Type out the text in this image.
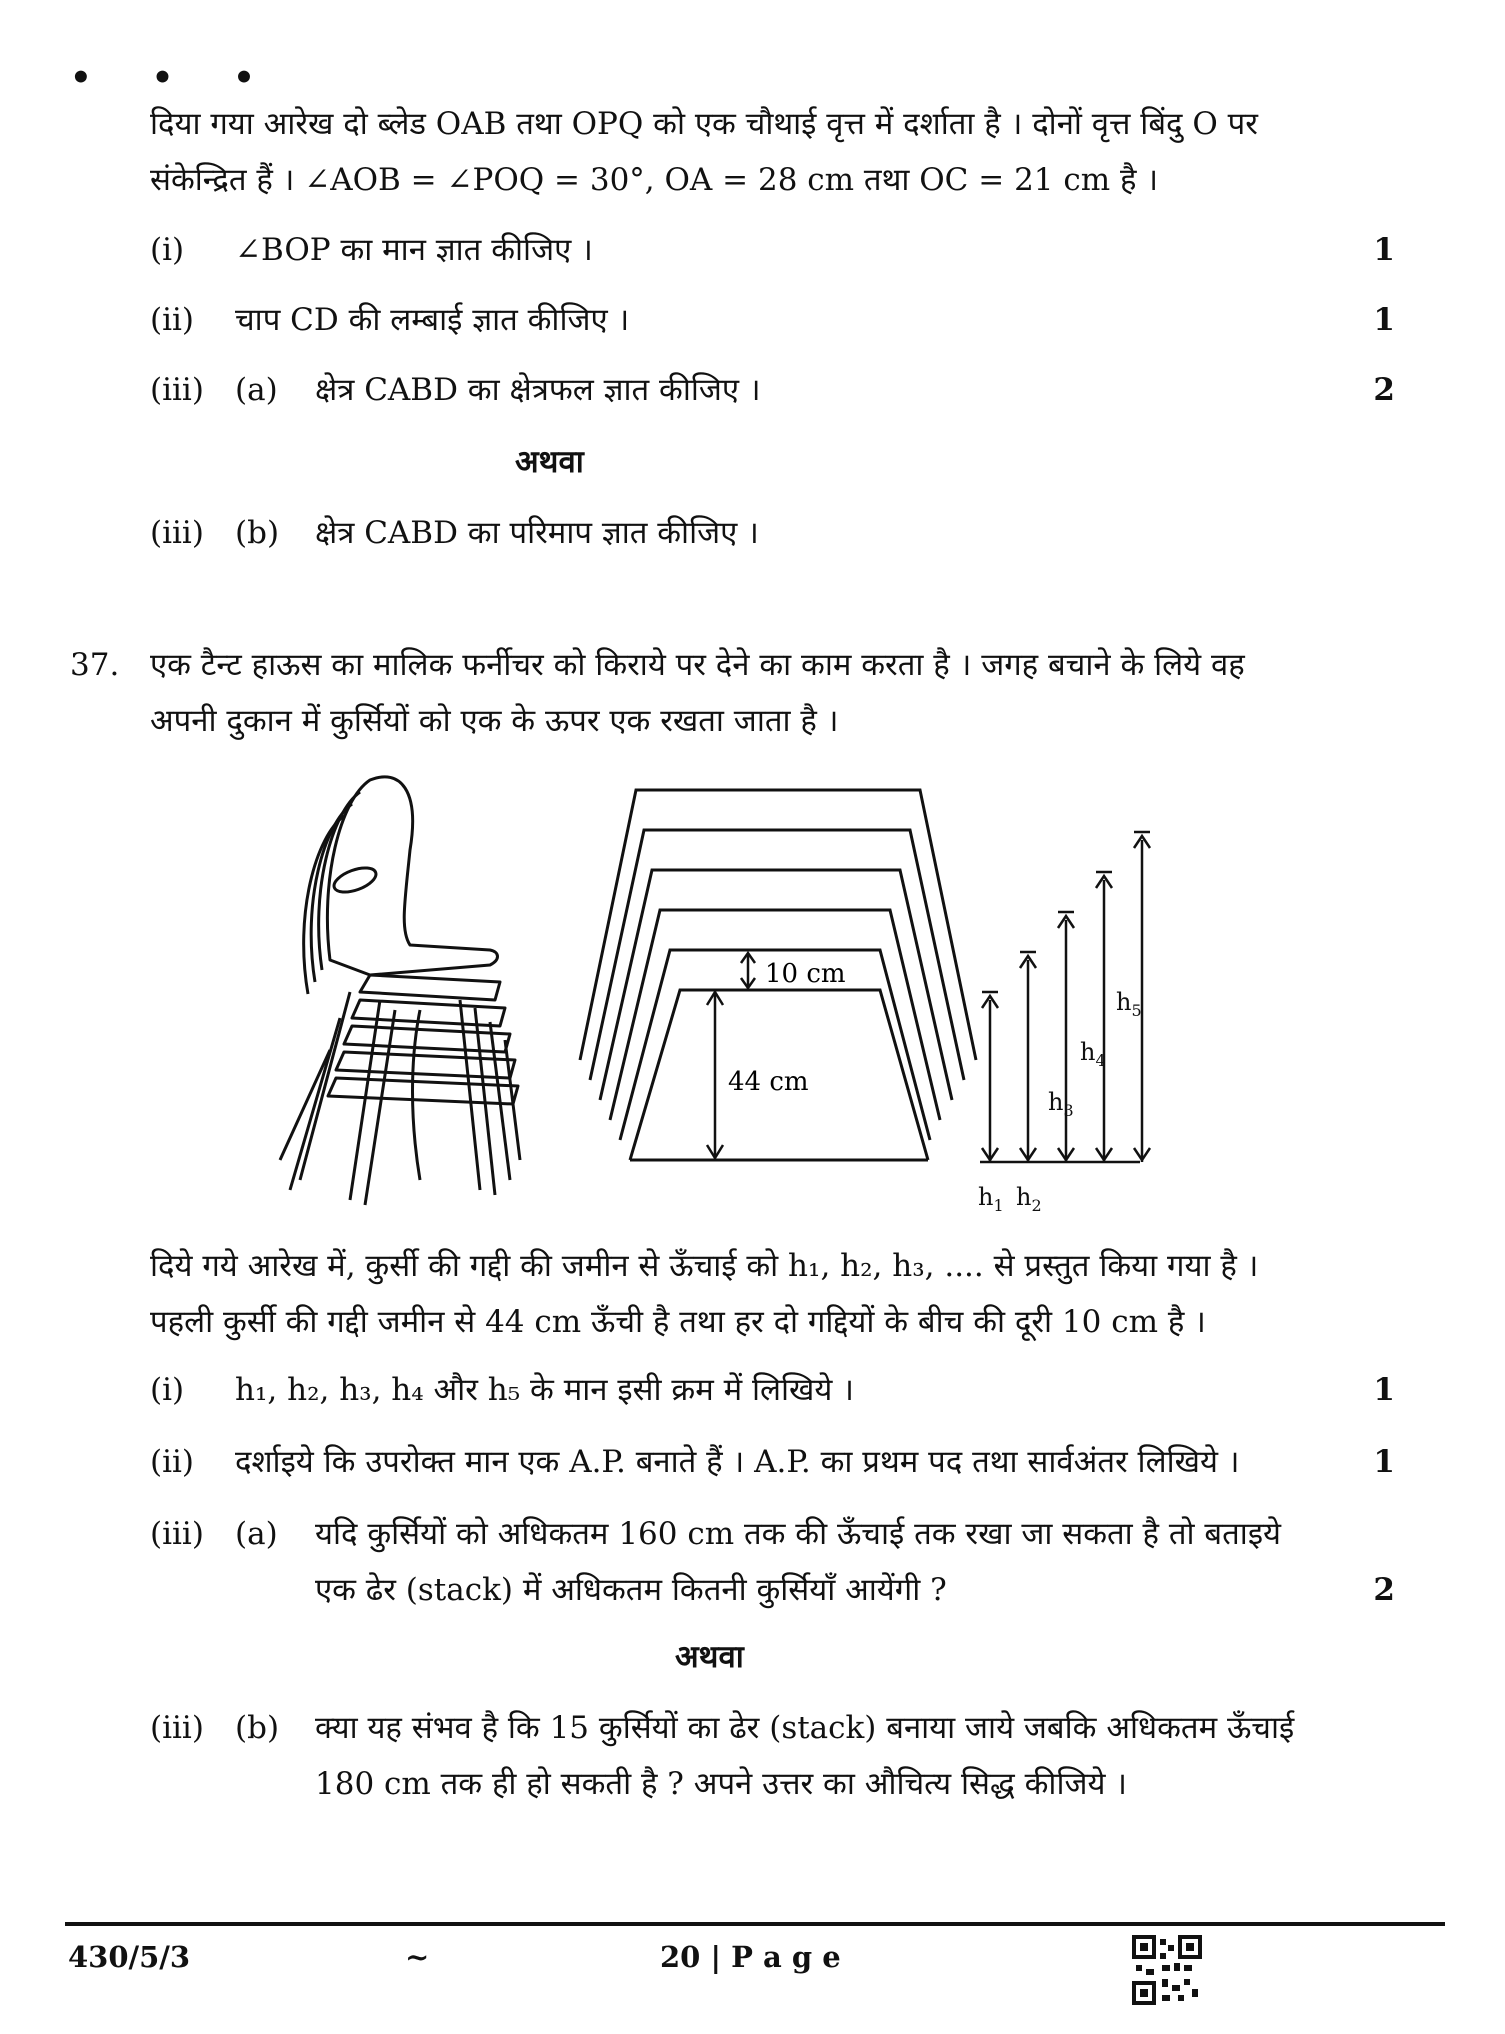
• • •
दिया गया आरेख दो ब्लेड OAB तथा OPQ को एक चौथाई वृत्त में दर्शाता है । दोनों वृत्त बिंदु O पर
संकेन्द्रित हैं । ∠AOB = ∠POQ = 30°, OA = 28 cm तथा OC = 21 cm है ।
(i) ∠BOP का मान ज्ञात कीजिए ।	1
(ii) चाप CD की लम्बाई ज्ञात कीजिए ।	1
(iii) (a) क्षेत्र CABD का क्षेत्रफल ज्ञात कीजिए ।	2
अथवा
(iii) (b) क्षेत्र CABD का परिमाप ज्ञात कीजिए ।
37. एक टैन्ट हाऊस का मालिक फर्नीचर को किराये पर देने का काम करता है । जगह बचाने के लिये वह
अपनी दुकान में कुर्सियों को एक के ऊपर एक रखता जाता है ।
10 cm
44 cm
$h_1$ $h_2$
$h_3$
$h_4$
$h_5$
दिये गये आरेख में, कुर्सी की गद्दी की जमीन से ऊँचाई को h₁, h₂, h₃, .... से प्रस्तुत किया गया है ।
पहली कुर्सी की गद्दी जमीन से 44 cm ऊँची है तथा हर दो गद्दियों के बीच की दूरी 10 cm है ।
(i) h₁, h₂, h₃, h₄ और h₅ के मान इसी क्रम में लिखिये ।	1
(ii) दर्शाइये कि उपरोक्त मान एक A.P. बनाते हैं । A.P. का प्रथम पद तथा सार्वअंतर लिखिये ।	1
(iii) (a) यदि कुर्सियों को अधिकतम 160 cm तक की ऊँचाई तक रखा जा सकता है तो बताइये
एक ढेर (stack) में अधिकतम कितनी कुर्सियाँ आयेंगी ?	2
अथवा
(iii) (b) क्या यह संभव है कि 15 कुर्सियों का ढेर (stack) बनाया जाये जबकि अधिकतम ऊँचाई
180 cm तक ही हो सकती है ? अपने उत्तर का औचित्य सिद्ध कीजिये ।
430/5/3	~	20 | P a g e
